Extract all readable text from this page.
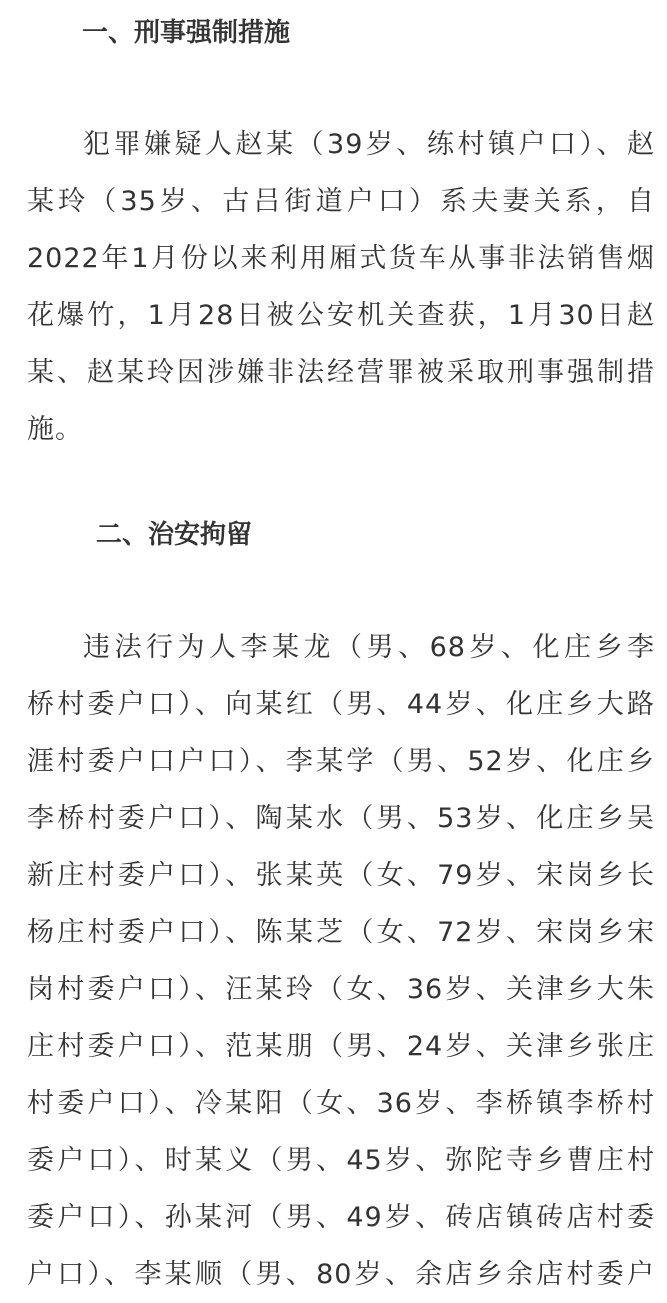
一、刑事强制措施

犯罪嫌疑人赵某（39岁、练村镇户口）、赵
某玲（35岁、古吕街道户口）系夫妻关系，自
2022年1月份以来利用厢式货车从事非法销售烟
花爆竹，1月28日被公安机关查获，1月30日赵
某、赵某玲因涉嫌非法经营罪被采取刑事强制措
施。

二、治安拘留

违法行为人李某龙（男、68岁、化庄乡李
桥村委户口）、向某红（男、44岁、化庄乡大路
涯村委户口户口）、李某学（男、52岁、化庄乡
李桥村委户口）、陶某水（男、53岁、化庄乡吴
新庄村委户口）、张某英（女、79岁、宋岗乡长
杨庄村委户口）、陈某芝（女、72岁、宋岗乡宋
岗村委户口）、汪某玲（女、36岁、关津乡大朱
庄村委户口）、范某朋（男、24岁、关津乡张庄
村委户口）、冷某阳（女、36岁、李桥镇李桥村
委户口）、时某义（男、45岁、弥陀寺乡曹庄村
委户口）、孙某河（男、49岁、砖店镇砖店村委
户口）、李某顺（男、80岁、余店乡余店村委户
